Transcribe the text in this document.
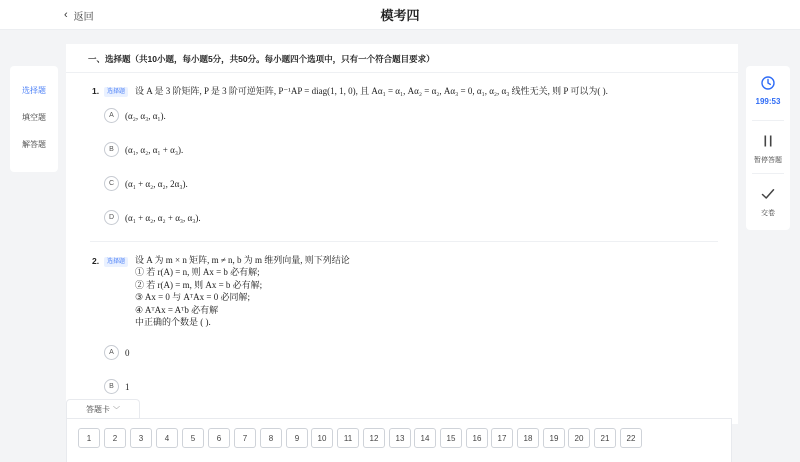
‹ 返回	模考四
选择题
填空题
解答题
一、选择题（共10小题，每小题5分，共50分。每小题四个选项中，只有一个符合题目要求）
1.	选择题	设 A 是 3 阶矩阵, P 是 3 阶可逆矩阵, P⁻¹AP = diag(1, 1, 0), 且 Aα₁ = α₁, Aα₂ = α₂, Aα₃ = 0, α₁, α₂, α₃ 线性无关, 则 P 可以为( ).
A	(α₂, α₃, α₁).
B	(α₁, α₂, α₁ + α₃).
C	(α₁ + α₂, α₂, 2α₃).
D	(α₁ + α₂, α₂ + α₃, α₃).
2.	选择题	设 A 为 m × n 矩阵, m ≠ n, b 为 m 维列向量, 则下列结论
① 若 r(A) = n, 则 Ax = b 必有解;
② 若 r(A) = m, 则 Ax = b 必有解;
③ Ax = 0 与 AᵀAx = 0 必同解;
④ AᵀAx = Aᵀb 必有解
中正确的个数是 ( ).
A	0
B	1
199:53
暂停答题
交卷
答题卡 ﹀
1	2	3	4	5	6	7	8	9	10	11	12	13	14	15	16	17	18	19	20	21	22
